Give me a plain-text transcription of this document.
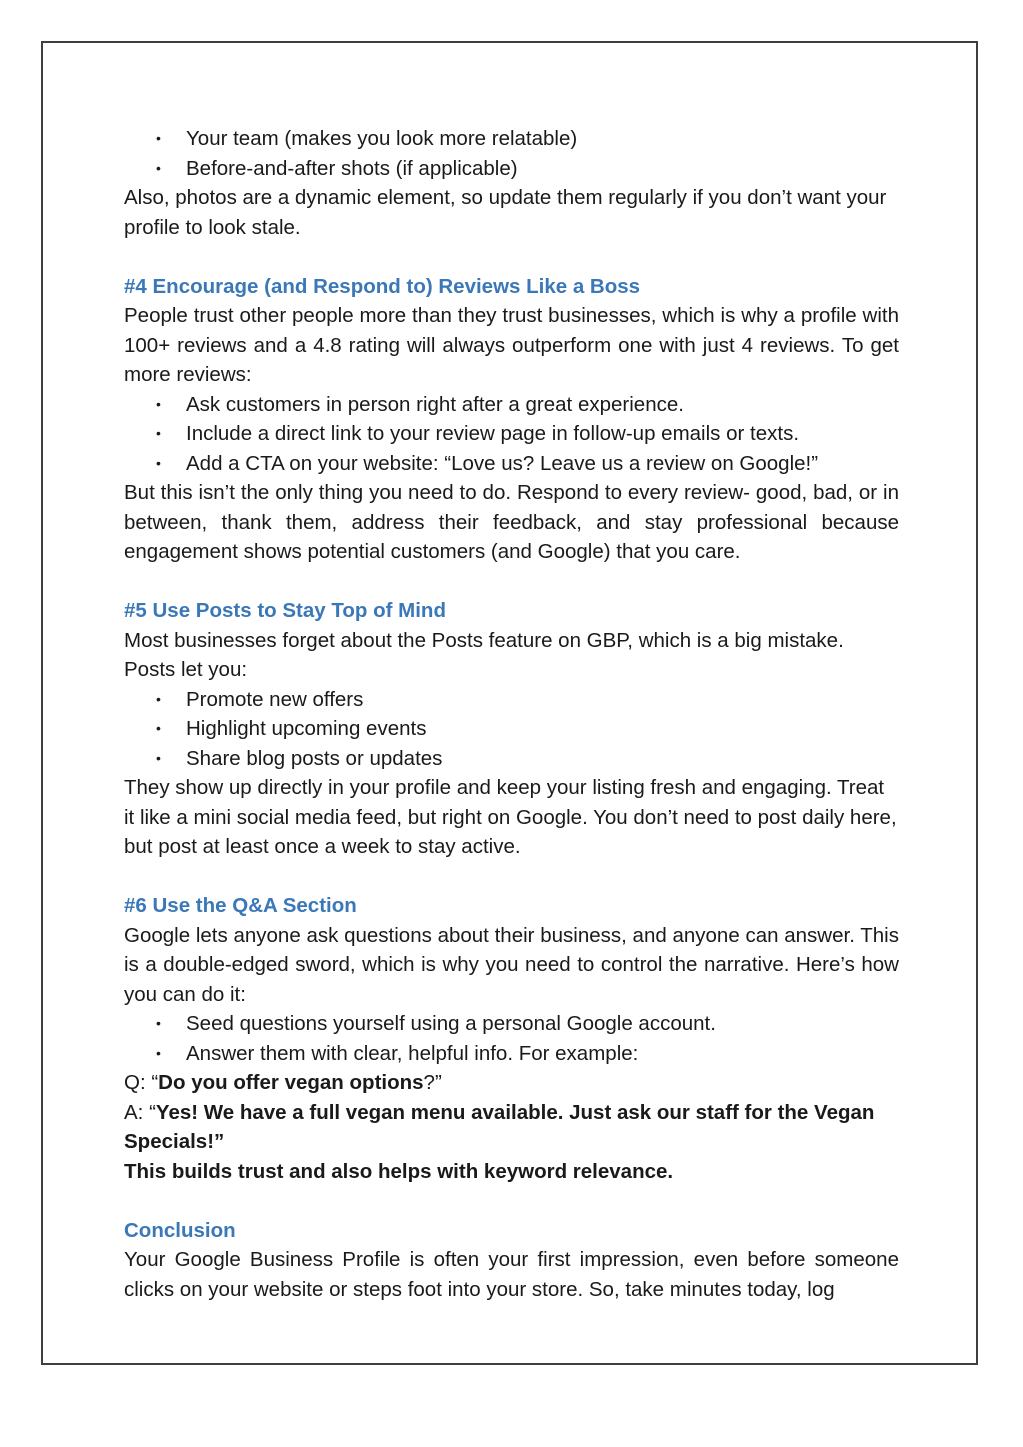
• Your team (makes you look more relatable)
• Before-and-after shots (if applicable)

Also, photos are a dynamic element, so update them regularly if you don’t want your profile to look stale.

#4 Encourage (and Respond to) Reviews Like a Boss

People trust other people more than they trust businesses, which is why a profile with 100+ reviews and a 4.8 rating will always outperform one with just 4 reviews. To get more reviews:

• Ask customers in person right after a great experience.
• Include a direct link to your review page in follow-up emails or texts.
• Add a CTA on your website: “Love us? Leave us a review on Google!”

But this isn’t the only thing you need to do. Respond to every review- good, bad, or in between, thank them, address their feedback, and stay professional because engagement shows potential customers (and Google) that you care.

#5 Use Posts to Stay Top of Mind

Most businesses forget about the Posts feature on GBP, which is a big mistake. Posts let you:

• Promote new offers
• Highlight upcoming events
• Share blog posts or updates

They show up directly in your profile and keep your listing fresh and engaging. Treat it like a mini social media feed, but right on Google. You don’t need to post daily here, but post at least once a week to stay active.

#6 Use the Q&A Section

Google lets anyone ask questions about their business, and anyone can answer. This is a double-edged sword, which is why you need to control the narrative. Here’s how you can do it:

• Seed questions yourself using a personal Google account.
• Answer them with clear, helpful info. For example:

Q: “Do you offer vegan options?”

A: “Yes! We have a full vegan menu available. Just ask our staff for the Vegan Specials!”

This builds trust and also helps with keyword relevance.

Conclusion

Your Google Business Profile is often your first impression, even before someone clicks on your website or steps foot into your store. So, take minutes today, log
